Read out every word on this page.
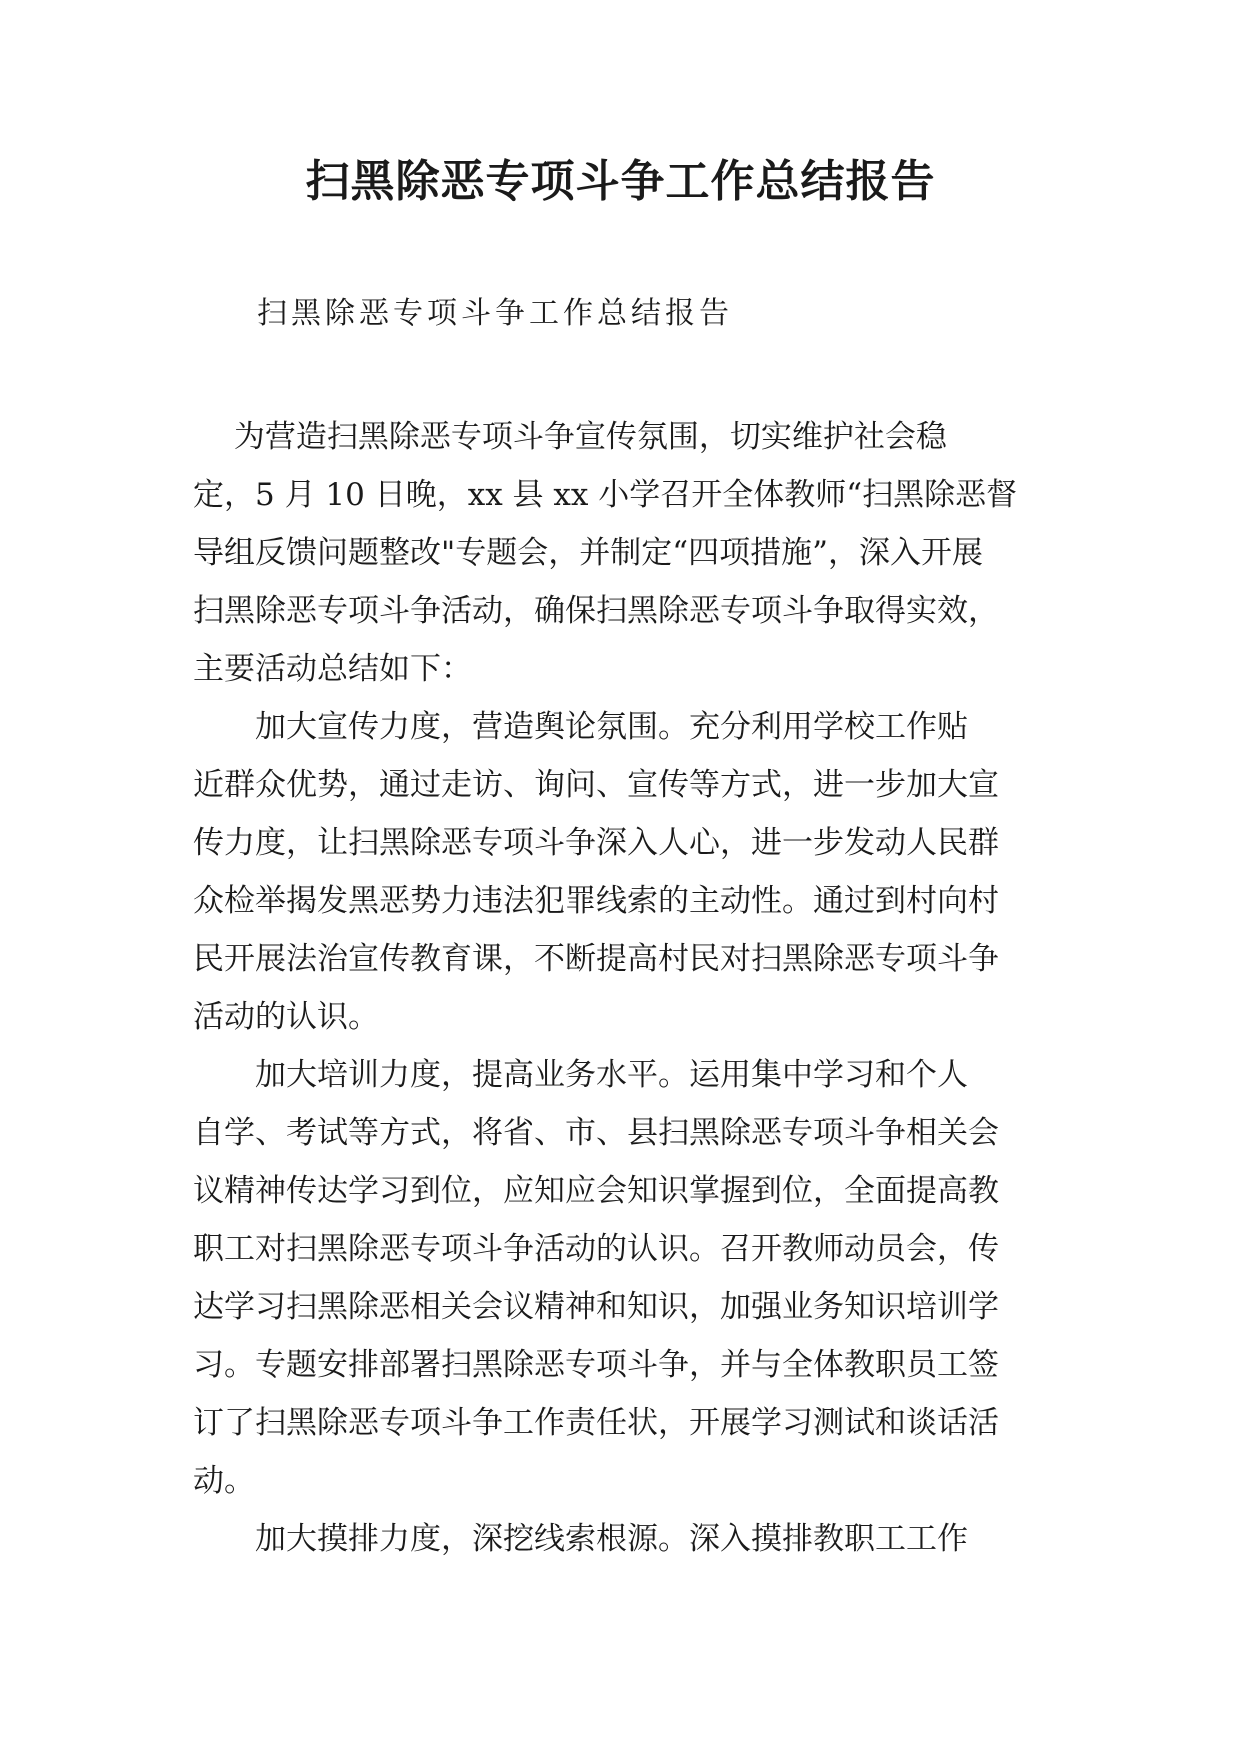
扫黑除恶专项斗争工作总结报告

扫黑除恶专项斗争工作总结报告

　 为营造扫黑除恶专项斗争宣传氛围，切实维护社会稳

定，5 月 10 日晚，xx 县 xx 小学召开全体教师“扫黑除恶督

导组反馈问题整改"专题会，并制定“四项措施”，深入开展

扫黑除恶专项斗争活动，确保扫黑除恶专项斗争取得实效，

主要活动总结如下：

　　加大宣传力度，营造舆论氛围。充分利用学校工作贴

近群众优势，通过走访、询问、宣传等方式，进一步加大宣

传力度，让扫黑除恶专项斗争深入人心，进一步发动人民群

众检举揭发黑恶势力违法犯罪线索的主动性。通过到村向村

民开展法治宣传教育课，不断提高村民对扫黑除恶专项斗争

活动的认识。

　　加大培训力度，提高业务水平。运用集中学习和个人

自学、考试等方式，将省、市、县扫黑除恶专项斗争相关会

议精神传达学习到位，应知应会知识掌握到位，全面提高教

职工对扫黑除恶专项斗争活动的认识。召开教师动员会，传

达学习扫黑除恶相关会议精神和知识，加强业务知识培训学

习。专题安排部署扫黑除恶专项斗争，并与全体教职员工签

订了扫黑除恶专项斗争工作责任状，开展学习测试和谈话活

动。

　　加大摸排力度，深挖线索根源。深入摸排教职工工作
